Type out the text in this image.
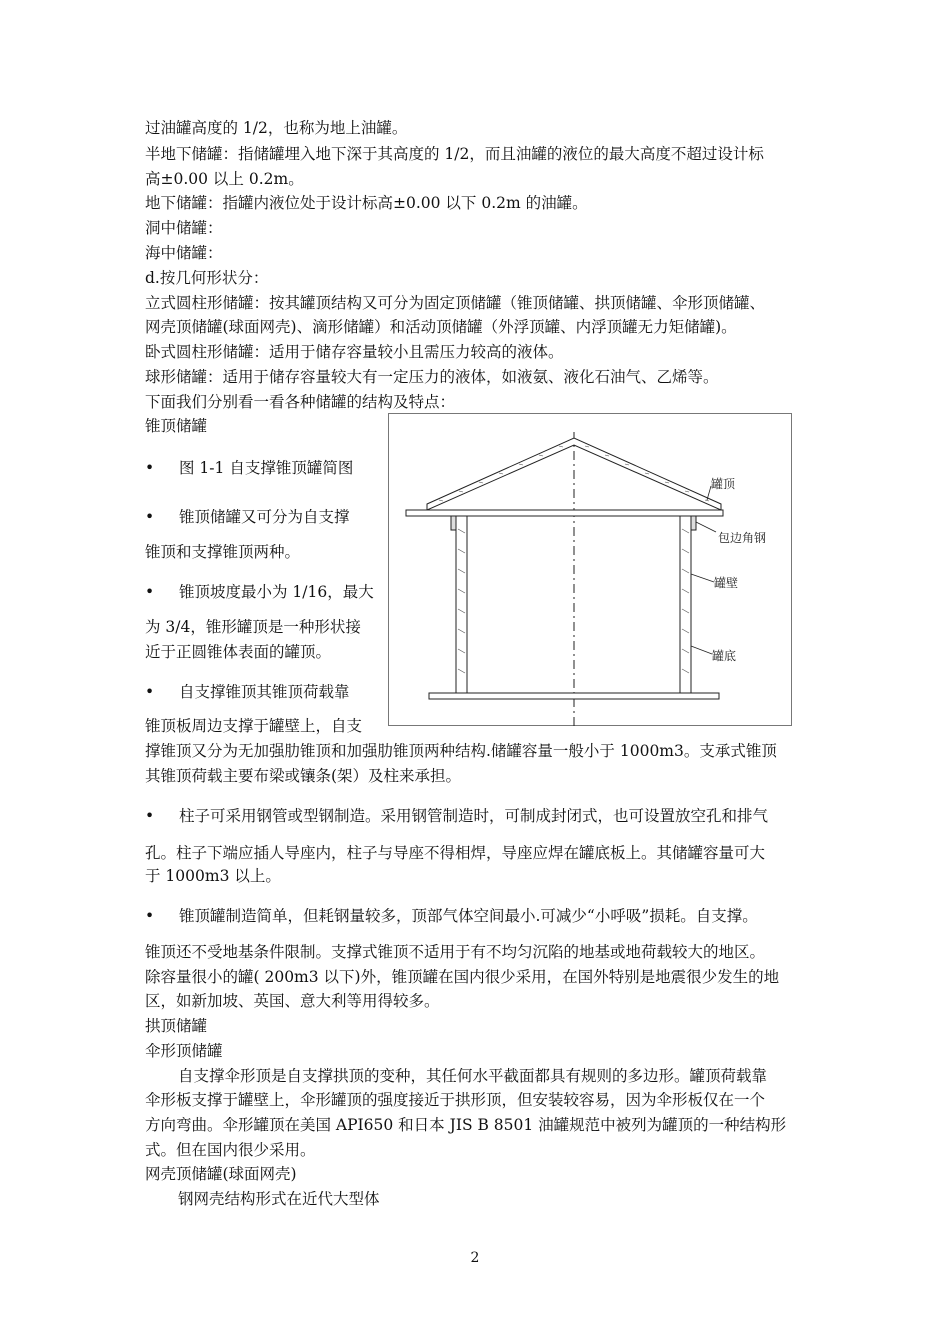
过油罐高度的 1/2，也称为地上油罐。
半地下储罐：指储罐埋入地下深于其高度的 1/2，而且油罐的液位的最大高度不超过设计标
高±0.00 以上 0.2m。
地下储罐：指罐内液位处于设计标高±0.00 以下 0.2m 的油罐。
洞中储罐：
海中储罐：
d.按几何形状分：
立式圆柱形储罐：按其罐顶结构又可分为固定顶储罐（锥顶储罐、拱顶储罐、伞形顶储罐、
网壳顶储罐(球面网壳)、滴形储罐）和活动顶储罐（外浮顶罐、内浮顶罐无力矩储罐)。
卧式圆柱形储罐：适用于储存容量较小且需压力较高的液体。
球形储罐：适用于储存容量较大有一定压力的液体，如液氨、液化石油气、乙烯等。
下面我们分别看一看各种储罐的结构及特点：
锥顶储罐
• 图 1-1 自支撑锥顶罐简图
• 锥顶储罐又可分为自支撑
锥顶和支撑锥顶两种。
• 锥顶坡度最小为 1/16，最大
为 3/4，锥形罐顶是一种形状接
近于正圆锥体表面的罐顶。
• 自支撑锥顶其锥顶荷载靠
锥顶板周边支撑于罐壁上，自支
撑锥顶又分为无加强肋锥顶和加强肋锥顶两种结构.储罐容量一般小于 1000m3。支承式锥顶
其锥顶荷载主要布梁或镶条(架）及柱来承担。
• 柱子可采用钢管或型钢制造。采用钢管制造时，可制成封闭式，也可设置放空孔和排气
孔。柱子下端应插人导座内，柱子与导座不得相焊，导座应焊在罐底板上。其储罐容量可大
于 1000m3 以上。
• 锥顶罐制造简单，但耗钢量较多，顶部气体空间最小.可减少“小呼吸”损耗。自支撑。
锥顶还不受地基条件限制。支撑式锥顶不适用于有不均匀沉陷的地基或地荷载较大的地区。
除容量很小的罐( 200m3 以下)外，锥顶罐在国内很少采用，在国外特别是地震很少发生的地
区，如新加坡、英国、意大利等用得较多。
拱顶储罐
伞形顶储罐
自支撑伞形顶是自支撑拱顶的变种，其任何水平截面都具有规则的多边形。罐顶荷载靠
伞形板支撑于罐壁上，伞形罐顶的强度接近于拱形顶，但安装较容易，因为伞形板仅在一个
方向弯曲。伞形罐顶在美国 API650 和日本 JIS B 8501 油罐规范中被列为罐顶的一种结构形
式。但在国内很少采用。
网壳顶储罐(球面网壳)
钢网壳结构形式在近代大型体
罐顶
包边角钢
罐壁
罐底
2
